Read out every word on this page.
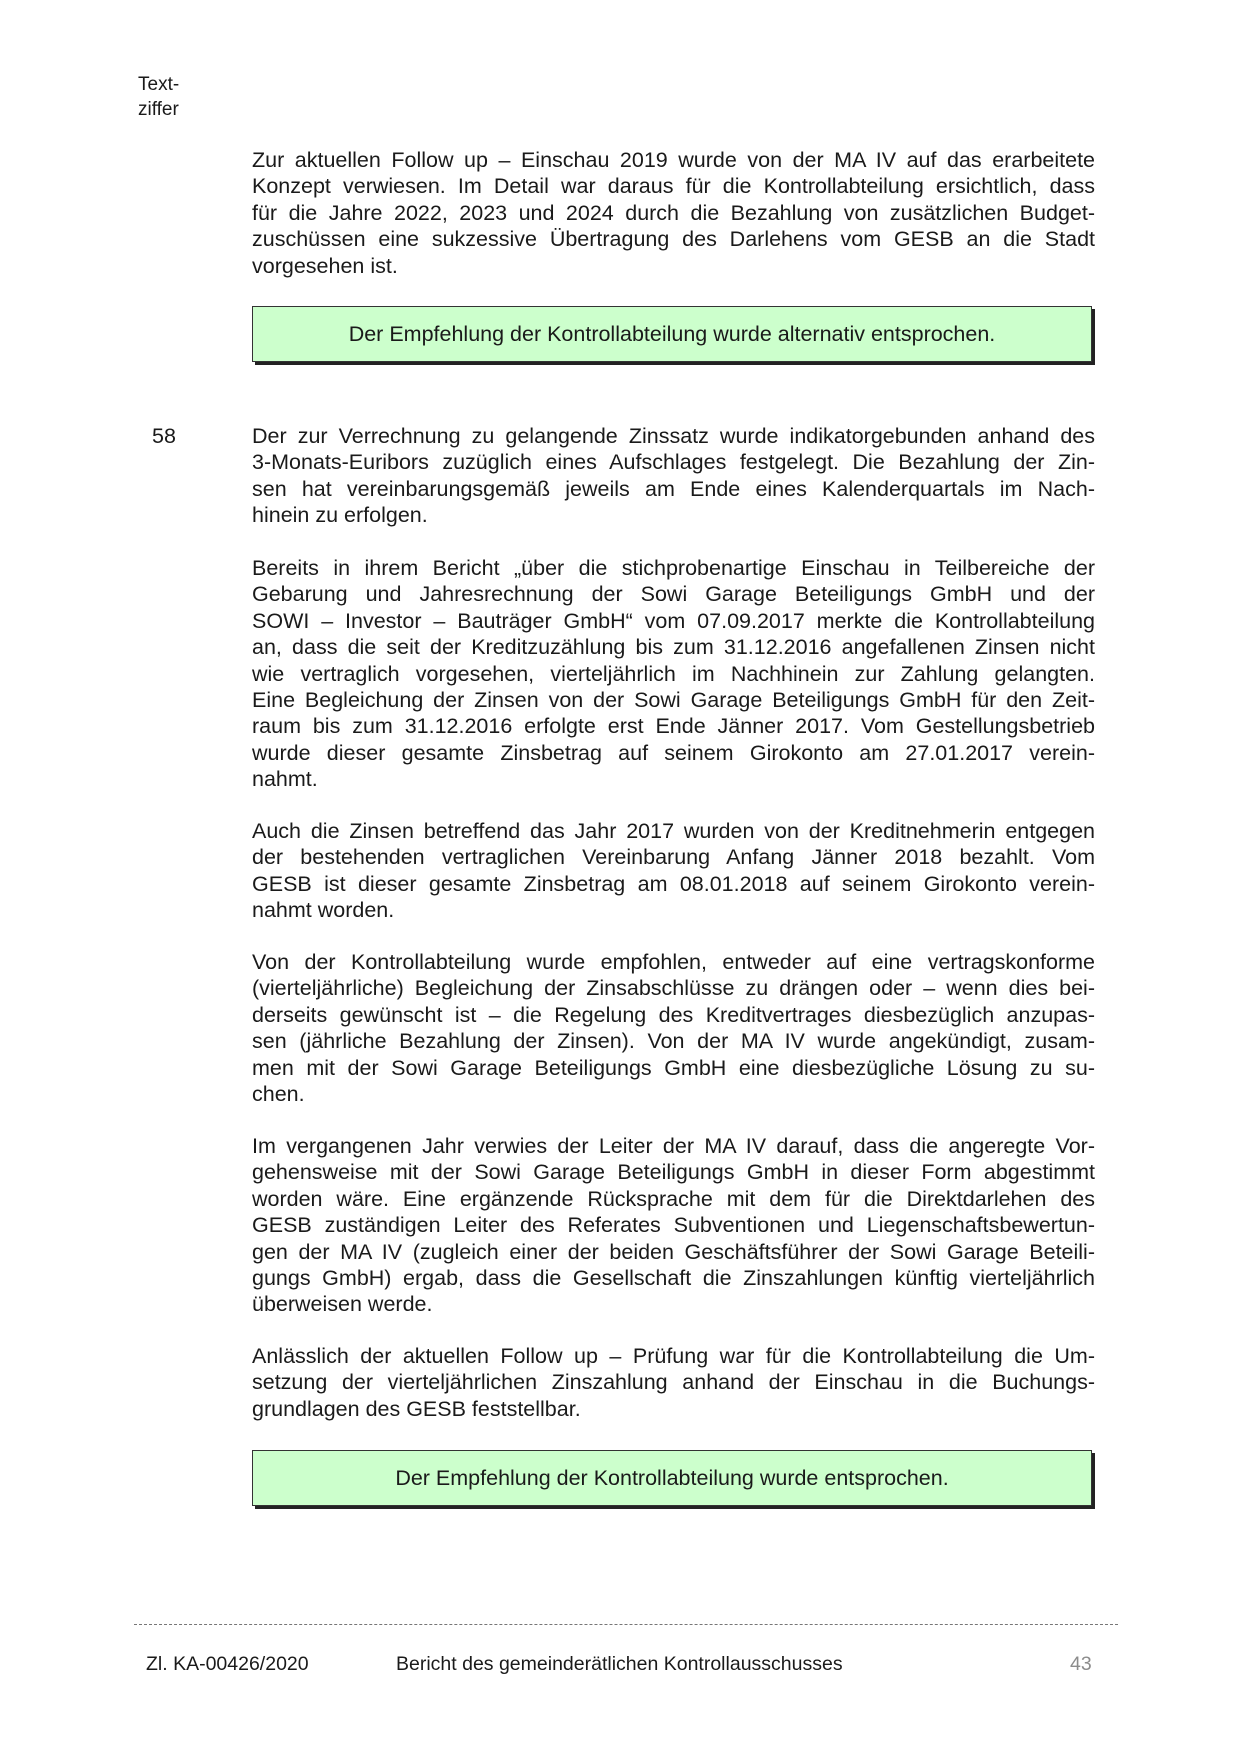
Text-
ziffer

Zur aktuellen Follow up – Einschau 2019 wurde von der MA IV auf das erarbeitete
Konzept verwiesen. Im Detail war daraus für die Kontrollabteilung ersichtlich, dass
für die Jahre 2022, 2023 und 2024 durch die Bezahlung von zusätzlichen Budget-
zuschüssen eine sukzessive Übertragung des Darlehens vom GESB an die Stadt
vorgesehen ist.

Der Empfehlung der Kontrollabteilung wurde alternativ entsprochen.
58	Der zur Verrechnung zu gelangende Zinssatz wurde indikatorgebunden anhand des
3-Monats-Euribors zuzüglich eines Aufschlages festgelegt. Die Bezahlung der Zin-
sen hat vereinbarungsgemäß jeweils am Ende eines Kalenderquartals im Nach-
hinein zu erfolgen.

Bereits in ihrem Bericht „über die stichprobenartige Einschau in Teilbereiche der
Gebarung und Jahresrechnung der Sowi Garage Beteiligungs GmbH und der
SOWI – Investor – Bauträger GmbH“ vom 07.09.2017 merkte die Kontrollabteilung
an, dass die seit der Kreditzuzählung bis zum 31.12.2016 angefallenen Zinsen nicht
wie vertraglich vorgesehen, vierteljährlich im Nachhinein zur Zahlung gelangten.
Eine Begleichung der Zinsen von der Sowi Garage Beteiligungs GmbH für den Zeit-
raum bis zum 31.12.2016 erfolgte erst Ende Jänner 2017. Vom Gestellungsbetrieb
wurde dieser gesamte Zinsbetrag auf seinem Girokonto am 27.01.2017 verein-
nahmt.

Auch die Zinsen betreffend das Jahr 2017 wurden von der Kreditnehmerin entgegen
der bestehenden vertraglichen Vereinbarung Anfang Jänner 2018 bezahlt. Vom
GESB ist dieser gesamte Zinsbetrag am 08.01.2018 auf seinem Girokonto verein-
nahmt worden.

Von der Kontrollabteilung wurde empfohlen, entweder auf eine vertragskonforme
(vierteljährliche) Begleichung der Zinsabschlüsse zu drängen oder – wenn dies bei-
derseits gewünscht ist – die Regelung des Kreditvertrages diesbezüglich anzupas-
sen (jährliche Bezahlung der Zinsen). Von der MA IV wurde angekündigt, zusam-
men mit der Sowi Garage Beteiligungs GmbH eine diesbezügliche Lösung zu su-
chen.

Im vergangenen Jahr verwies der Leiter der MA IV darauf, dass die angeregte Vor-
gehensweise mit der Sowi Garage Beteiligungs GmbH in dieser Form abgestimmt
worden wäre. Eine ergänzende Rücksprache mit dem für die Direktdarlehen des
GESB zuständigen Leiter des Referates Subventionen und Liegenschaftsbewertun-
gen der MA IV (zugleich einer der beiden Geschäftsführer der Sowi Garage Beteili-
gungs GmbH) ergab, dass die Gesellschaft die Zinszahlungen künftig vierteljährlich
überweisen werde.

Anlässlich der aktuellen Follow up – Prüfung war für die Kontrollabteilung die Um-
setzung der vierteljährlichen Zinszahlung anhand der Einschau in die Buchungs-
grundlagen des GESB feststellbar.

Der Empfehlung der Kontrollabteilung wurde entsprochen.
Zl. KA-00426/2020	Bericht des gemeinderätlichen Kontrollausschusses	43
